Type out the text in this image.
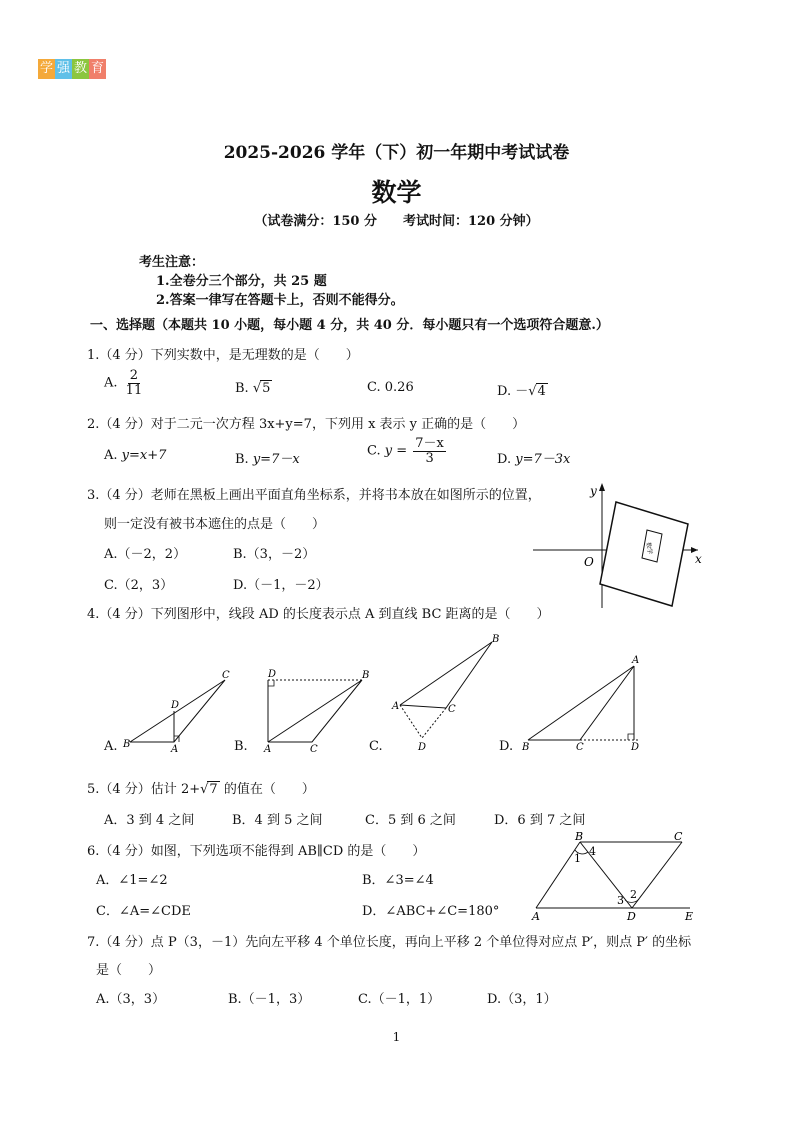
学 强 教 育
2025-2026 学年（下）初一年期中考试试卷
数学
（试卷满分：150 分　　考试时间：120 分钟）
考生注意：
1.全卷分三个部分，共 25 题
2.答案一律写在答题卡上，否则不能得分。
一、选择题（本题共 10 小题，每小题 4 分，共 40 分．每小题只有一个选项符合题意.）
1.（4 分）下列实数中，是无理数的是（　　）
A. $\frac{2}{11}$	B. √5	C. 0.26	D. －√4
2.（4 分）对于二元一次方程 3x+y=7，下列用 x 表示 y 正确的是（　　）
A. y=x+7	B. y=7－x
C. $y = \frac{7-x}{3}$	D. y=7－3x
3.（4 分）老师在黑板上画出平面直角坐标系，并将书本放在如图所示的位置，
则一定没有被书本遮住的点是（　　）
A.（－2，2）	B.（3，－2）
C.（2，3）	D.（－1，－2）
数学
y
x
O
4.（4 分）下列图形中，线段 AD 的长度表示点 A 到直线 BC 距离的是（　　）
C
D
B	A
D	B
A	C
B
A	C
D
A
B	C	D
A.	B.	C.	D.
5.（4 分）估计 2+√7 的值在（　　）
A．3 到 4 之间	B．4 到 5 之间	C．5 到 6 之间	D．6 到 7 之间
6.（4 分）如图，下列选项不能得到 AB∥CD 的是（　　）
A．∠1=∠2	B．∠3=∠4
C．∠A=∠CDE	D．∠ABC+∠C=180°
B	C
A	D	E
1
2
3
4
7.（4 分）点 P（3，－1）先向左平移 4 个单位长度，再向上平移 2 个单位得对应点 P′，则点 P′ 的坐标
是（　　）
A.（3，3）	B.（－1，3）	C.（－1，1）	D.（3，1）
1
